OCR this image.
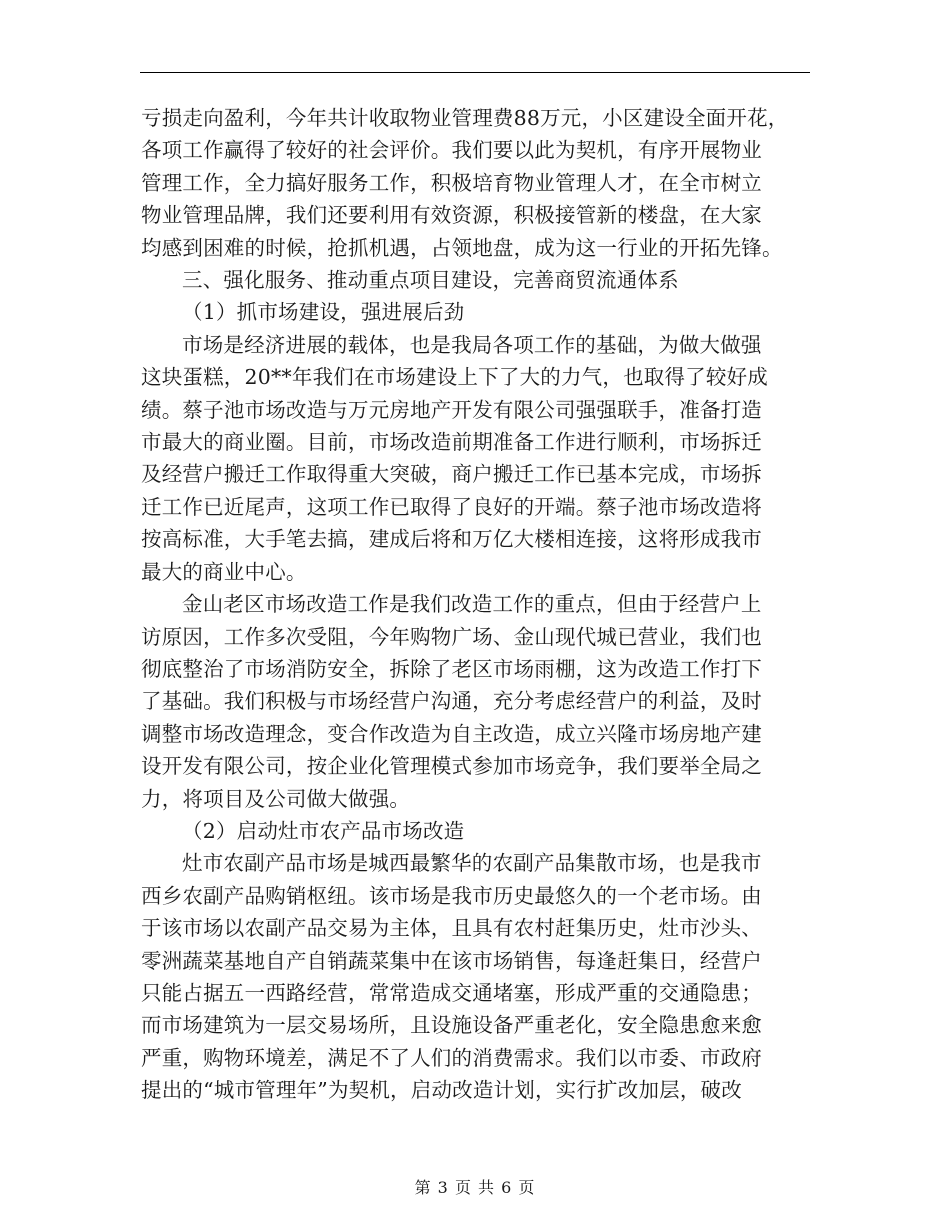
亏损走向盈利，今年共计收取物业管理费88万元，小区建设全面开花，
各项工作赢得了较好的社会评价。我们要以此为契机，有序开展物业
管理工作，全力搞好服务工作，积极培育物业管理人才，在全市树立
物业管理品牌，我们还要利用有效资源，积极接管新的楼盘，在大家
均感到困难的时候，抢抓机遇，占领地盘，成为这一行业的开拓先锋。
三、强化服务、推动重点项目建设，完善商贸流通体系
（1）抓市场建设，强进展后劲
市场是经济进展的载体，也是我局各项工作的基础，为做大做强
这块蛋糕，20**年我们在市场建设上下了大的力气，也取得了较好成
绩。蔡子池市场改造与万元房地产开发有限公司强强联手，准备打造
市最大的商业圈。目前，市场改造前期准备工作进行顺利，市场拆迁
及经营户搬迁工作取得重大突破，商户搬迁工作已基本完成，市场拆
迁工作已近尾声，这项工作已取得了良好的开端。蔡子池市场改造将
按高标准，大手笔去搞，建成后将和万亿大楼相连接，这将形成我市
最大的商业中心。
金山老区市场改造工作是我们改造工作的重点，但由于经营户上
访原因，工作多次受阻，今年购物广场、金山现代城已营业，我们也
彻底整治了市场消防安全，拆除了老区市场雨棚，这为改造工作打下
了基础。我们积极与市场经营户沟通，充分考虑经营户的利益，及时
调整市场改造理念，变合作改造为自主改造，成立兴隆市场房地产建
设开发有限公司，按企业化管理模式参加市场竞争，我们要举全局之
力，将项目及公司做大做强。
（2）启动灶市农产品市场改造
灶市农副产品市场是城西最繁华的农副产品集散市场，也是我市
西乡农副产品购销枢纽。该市场是我市历史最悠久的一个老市场。由
于该市场以农副产品交易为主体，且具有农村赶集历史，灶市沙头、
零洲蔬菜基地自产自销蔬菜集中在该市场销售，每逢赶集日，经营户
只能占据五一西路经营，常常造成交通堵塞，形成严重的交通隐患；
而市场建筑为一层交易场所，且设施设备严重老化，安全隐患愈来愈
严重，购物环境差，满足不了人们的消费需求。我们以市委、市政府
提出的“城市管理年”为契机，启动改造计划，实行扩改加层，破改
第 3 页 共 6 页
